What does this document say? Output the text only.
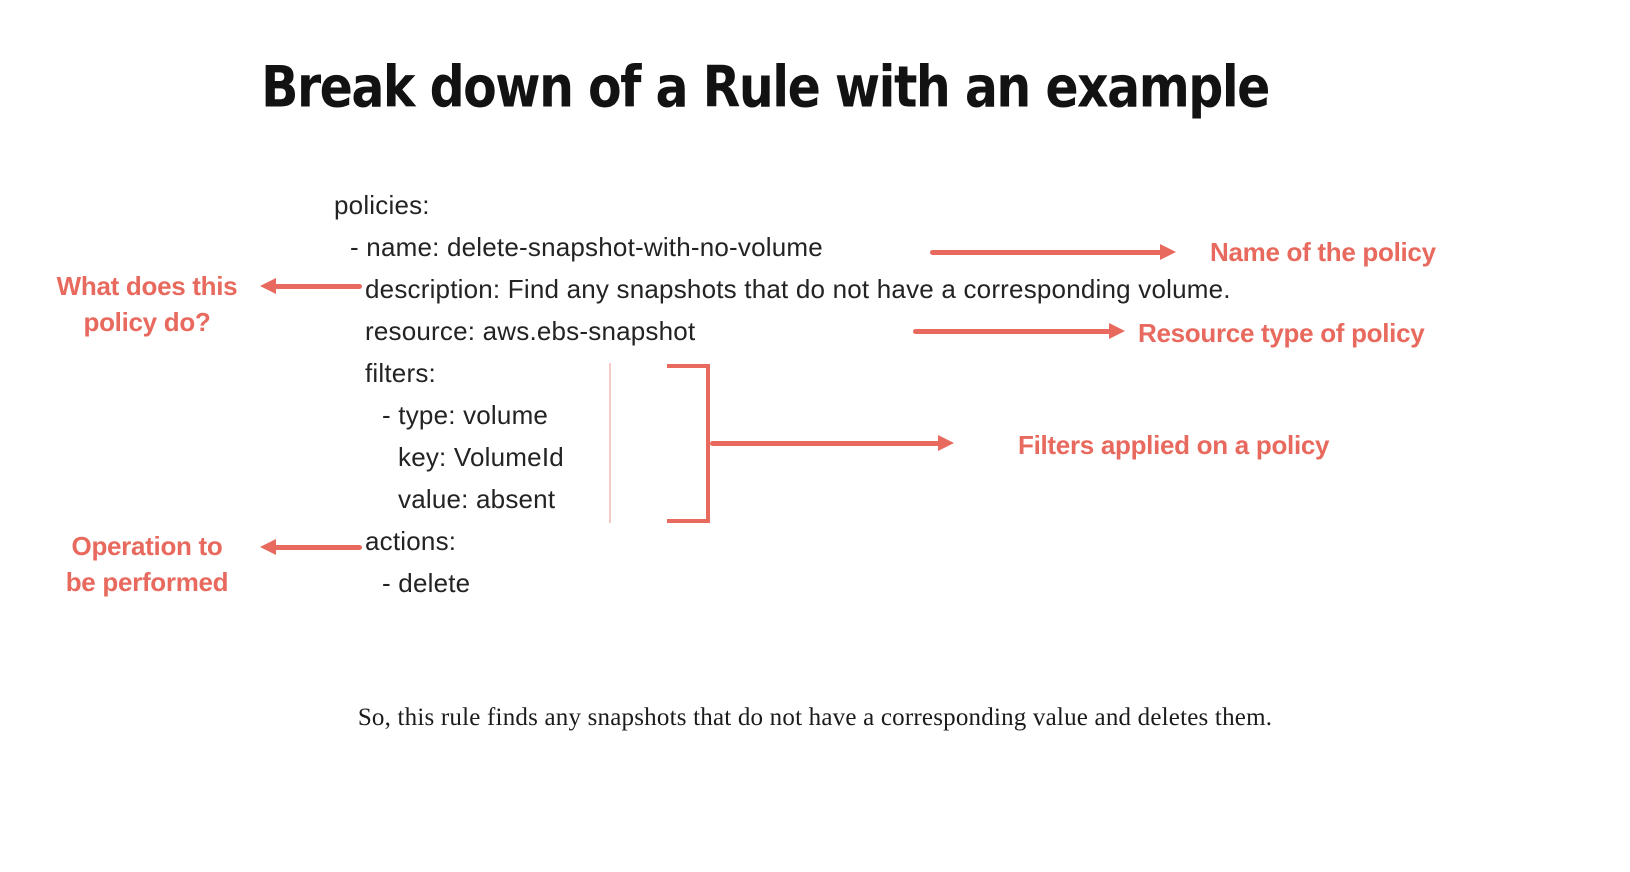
Break down of a Rule with an example
policies:
- name: delete-snapshot-with-no-volume
description: Find any snapshots that do not have a corresponding volume.
resource: aws.ebs-snapshot
filters:
- type: volume
key: VolumeId
value: absent
actions:
- delete
Name of the policy
What does this
policy do?	Resource type of policy
Filters applied on a policy
Operation to
be performed
So, this rule finds any snapshots that do not have a corresponding value and deletes them.
